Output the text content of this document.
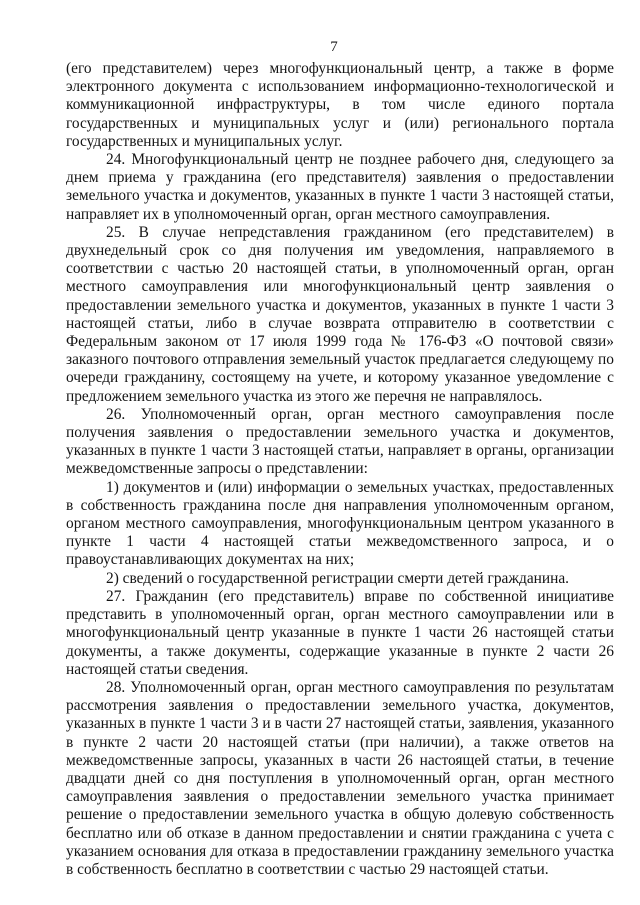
7

(его представителем) через многофункциональный центр, а также в форме электронного документа с использованием информационно-технологической и коммуникационной инфраструктуры, в том числе единого портала государственных и муниципальных услуг и (или) регионального портала государственных и муниципальных услуг.

24. Многофункциональный центр не позднее рабочего дня, следующего за днем приема у гражданина (его представителя) заявления о предоставлении земельного участка и документов, указанных в пункте 1 части 3 настоящей статьи, направляет их в уполномоченный орган, орган местного самоуправления.

25. В случае непредставления гражданином (его представителем) в двухнедельный срок со дня получения им уведомления, направляемого в соответствии с частью 20 настоящей статьи, в уполномоченный орган, орган местного самоуправления или многофункциональный центр заявления о предоставлении земельного участка и документов, указанных в пункте 1 части 3 настоящей статьи, либо в случае возврата отправителю в соответствии с Федеральным законом от 17 июля 1999 года № 176-ФЗ «О почтовой связи» заказного почтового отправления земельный участок предлагается следующему по очереди гражданину, состоящему на учете, и которому указанное уведомление с предложением земельного участка из этого же перечня не направлялось.

26. Уполномоченный орган, орган местного самоуправления после получения заявления о предоставлении земельного участка и документов, указанных в пункте 1 части 3 настоящей статьи, направляет в органы, организации межведомственные запросы о представлении:

1) документов и (или) информации о земельных участках, предоставленных в собственность гражданина после дня направления уполномоченным органом, органом местного самоуправления, многофункциональным центром указанного в пункте 1 части 4 настоящей статьи межведомственного запроса, и о правоустанавливающих документах на них;

2) сведений о государственной регистрации смерти детей гражданина.

27. Гражданин (его представитель) вправе по собственной инициативе представить в уполномоченный орган, орган местного самоуправлении или в многофункциональный центр указанные в пункте 1 части 26 настоящей статьи документы, а также документы, содержащие указанные в пункте 2 части 26 настоящей статьи сведения.

28. Уполномоченный орган, орган местного самоуправления по результатам рассмотрения заявления о предоставлении земельного участка, документов, указанных в пункте 1 части 3 и в части 27 настоящей статьи, заявления, указанного в пункте 2 части 20 настоящей статьи (при наличии), а также ответов на межведомственные запросы, указанных в части 26 настоящей статьи, в течение двадцати дней со дня поступления в уполномоченный орган, орган местного самоуправления заявления о предоставлении земельного участка принимает решение о предоставлении земельного участка в общую долевую собственность бесплатно или об отказе в данном предоставлении и снятии гражданина с учета с указанием основания для отказа в предоставлении гражданину земельного участка в собственность бесплатно в соответствии с частью 29 настоящей статьи.
